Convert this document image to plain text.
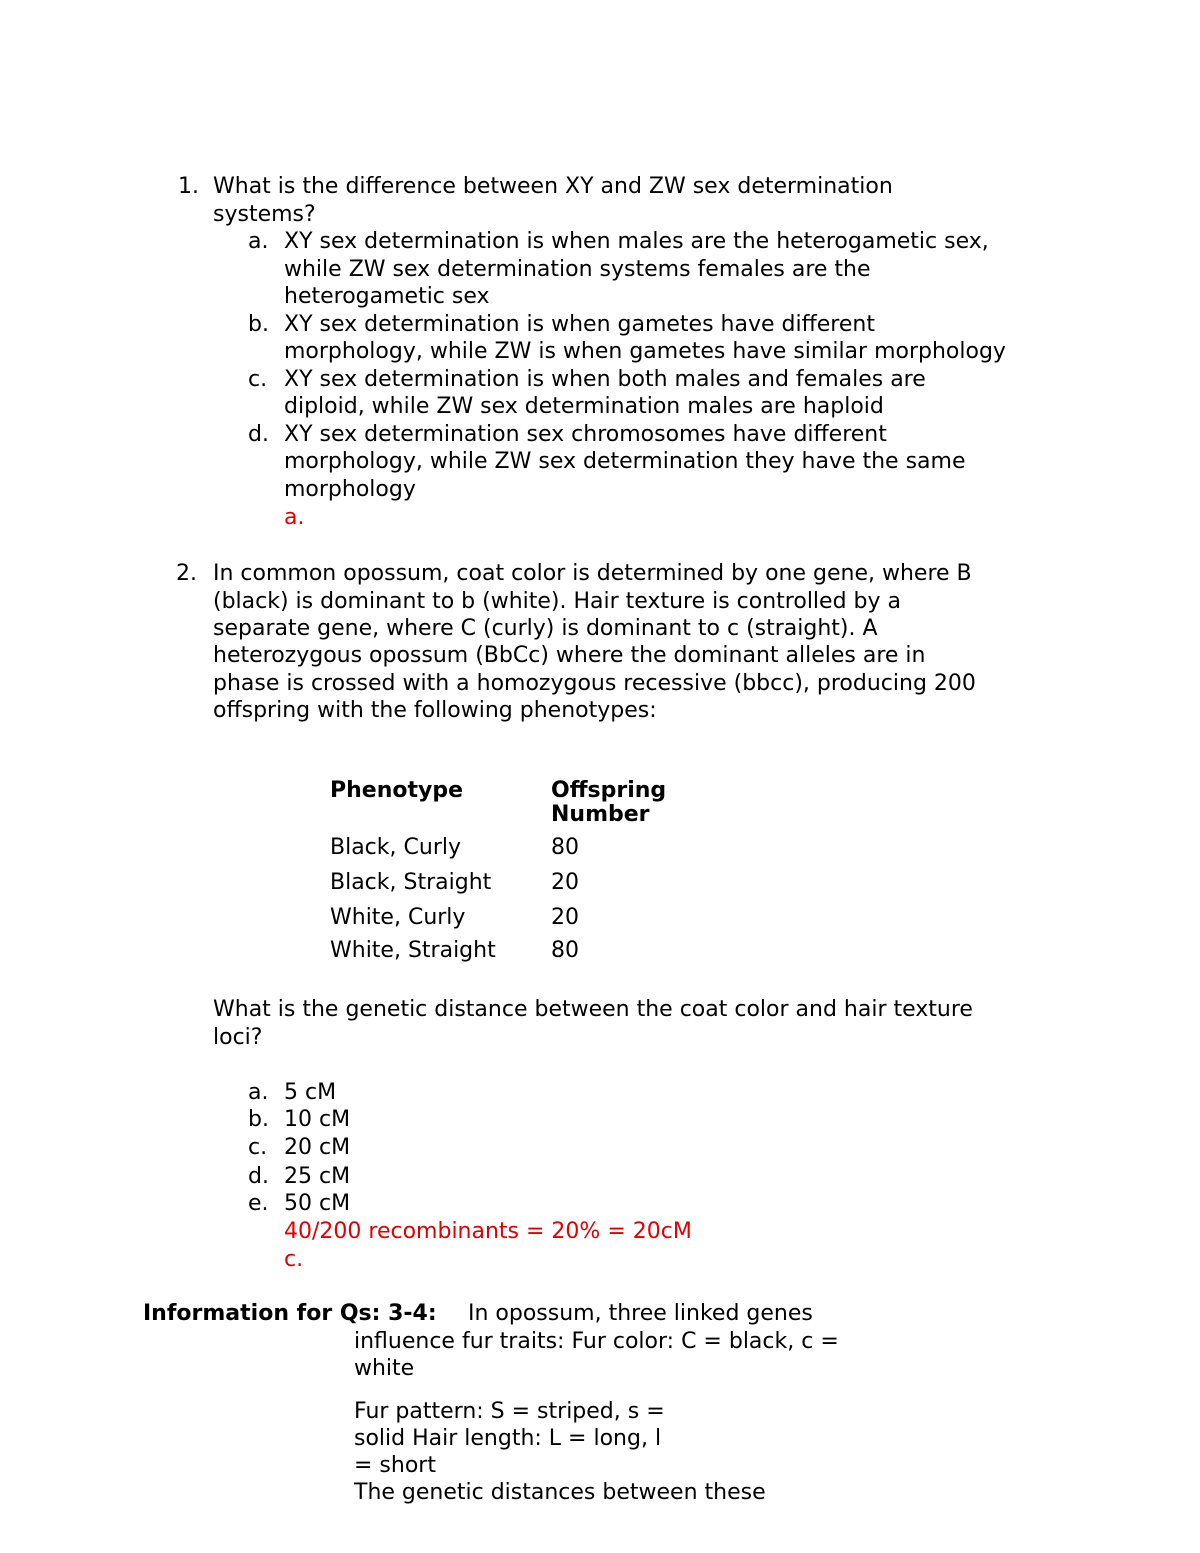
1. What is the difference between XY and ZW sex determination
systems?
a. XY sex determination is when males are the heterogametic sex,
while ZW sex determination systems females are the
heterogametic sex
b. XY sex determination is when gametes have different
morphology, while ZW is when gametes have similar morphology
c. XY sex determination is when both males and females are
diploid, while ZW sex determination males are haploid
d. XY sex determination sex chromosomes have different
morphology, while ZW sex determination they have the same
morphology
a.
2. In common opossum, coat color is determined by one gene, where B
(black) is dominant to b (white). Hair texture is controlled by a
separate gene, where C (curly) is dominant to c (straight). A
heterozygous opossum (BbCc) where the dominant alleles are in
phase is crossed with a homozygous recessive (bbcc), producing 200
offspring with the following phenotypes:
Phenotype	Offspring
Number
Black, Curly	80
Black, Straight	20
White, Curly	20
White, Straight	80
What is the genetic distance between the coat color and hair texture
loci?
a. 5 cM
b. 10 cM
c. 20 cM
d. 25 cM
e. 50 cM
40/200 recombinants = 20% = 20cM
c.
Information for Qs: 3-4: In opossum, three linked genes
influence fur traits: Fur color: C = black, c =
white
Fur pattern: S = striped, s =
solid Hair length: L = long, l
= short
The genetic distances between these
